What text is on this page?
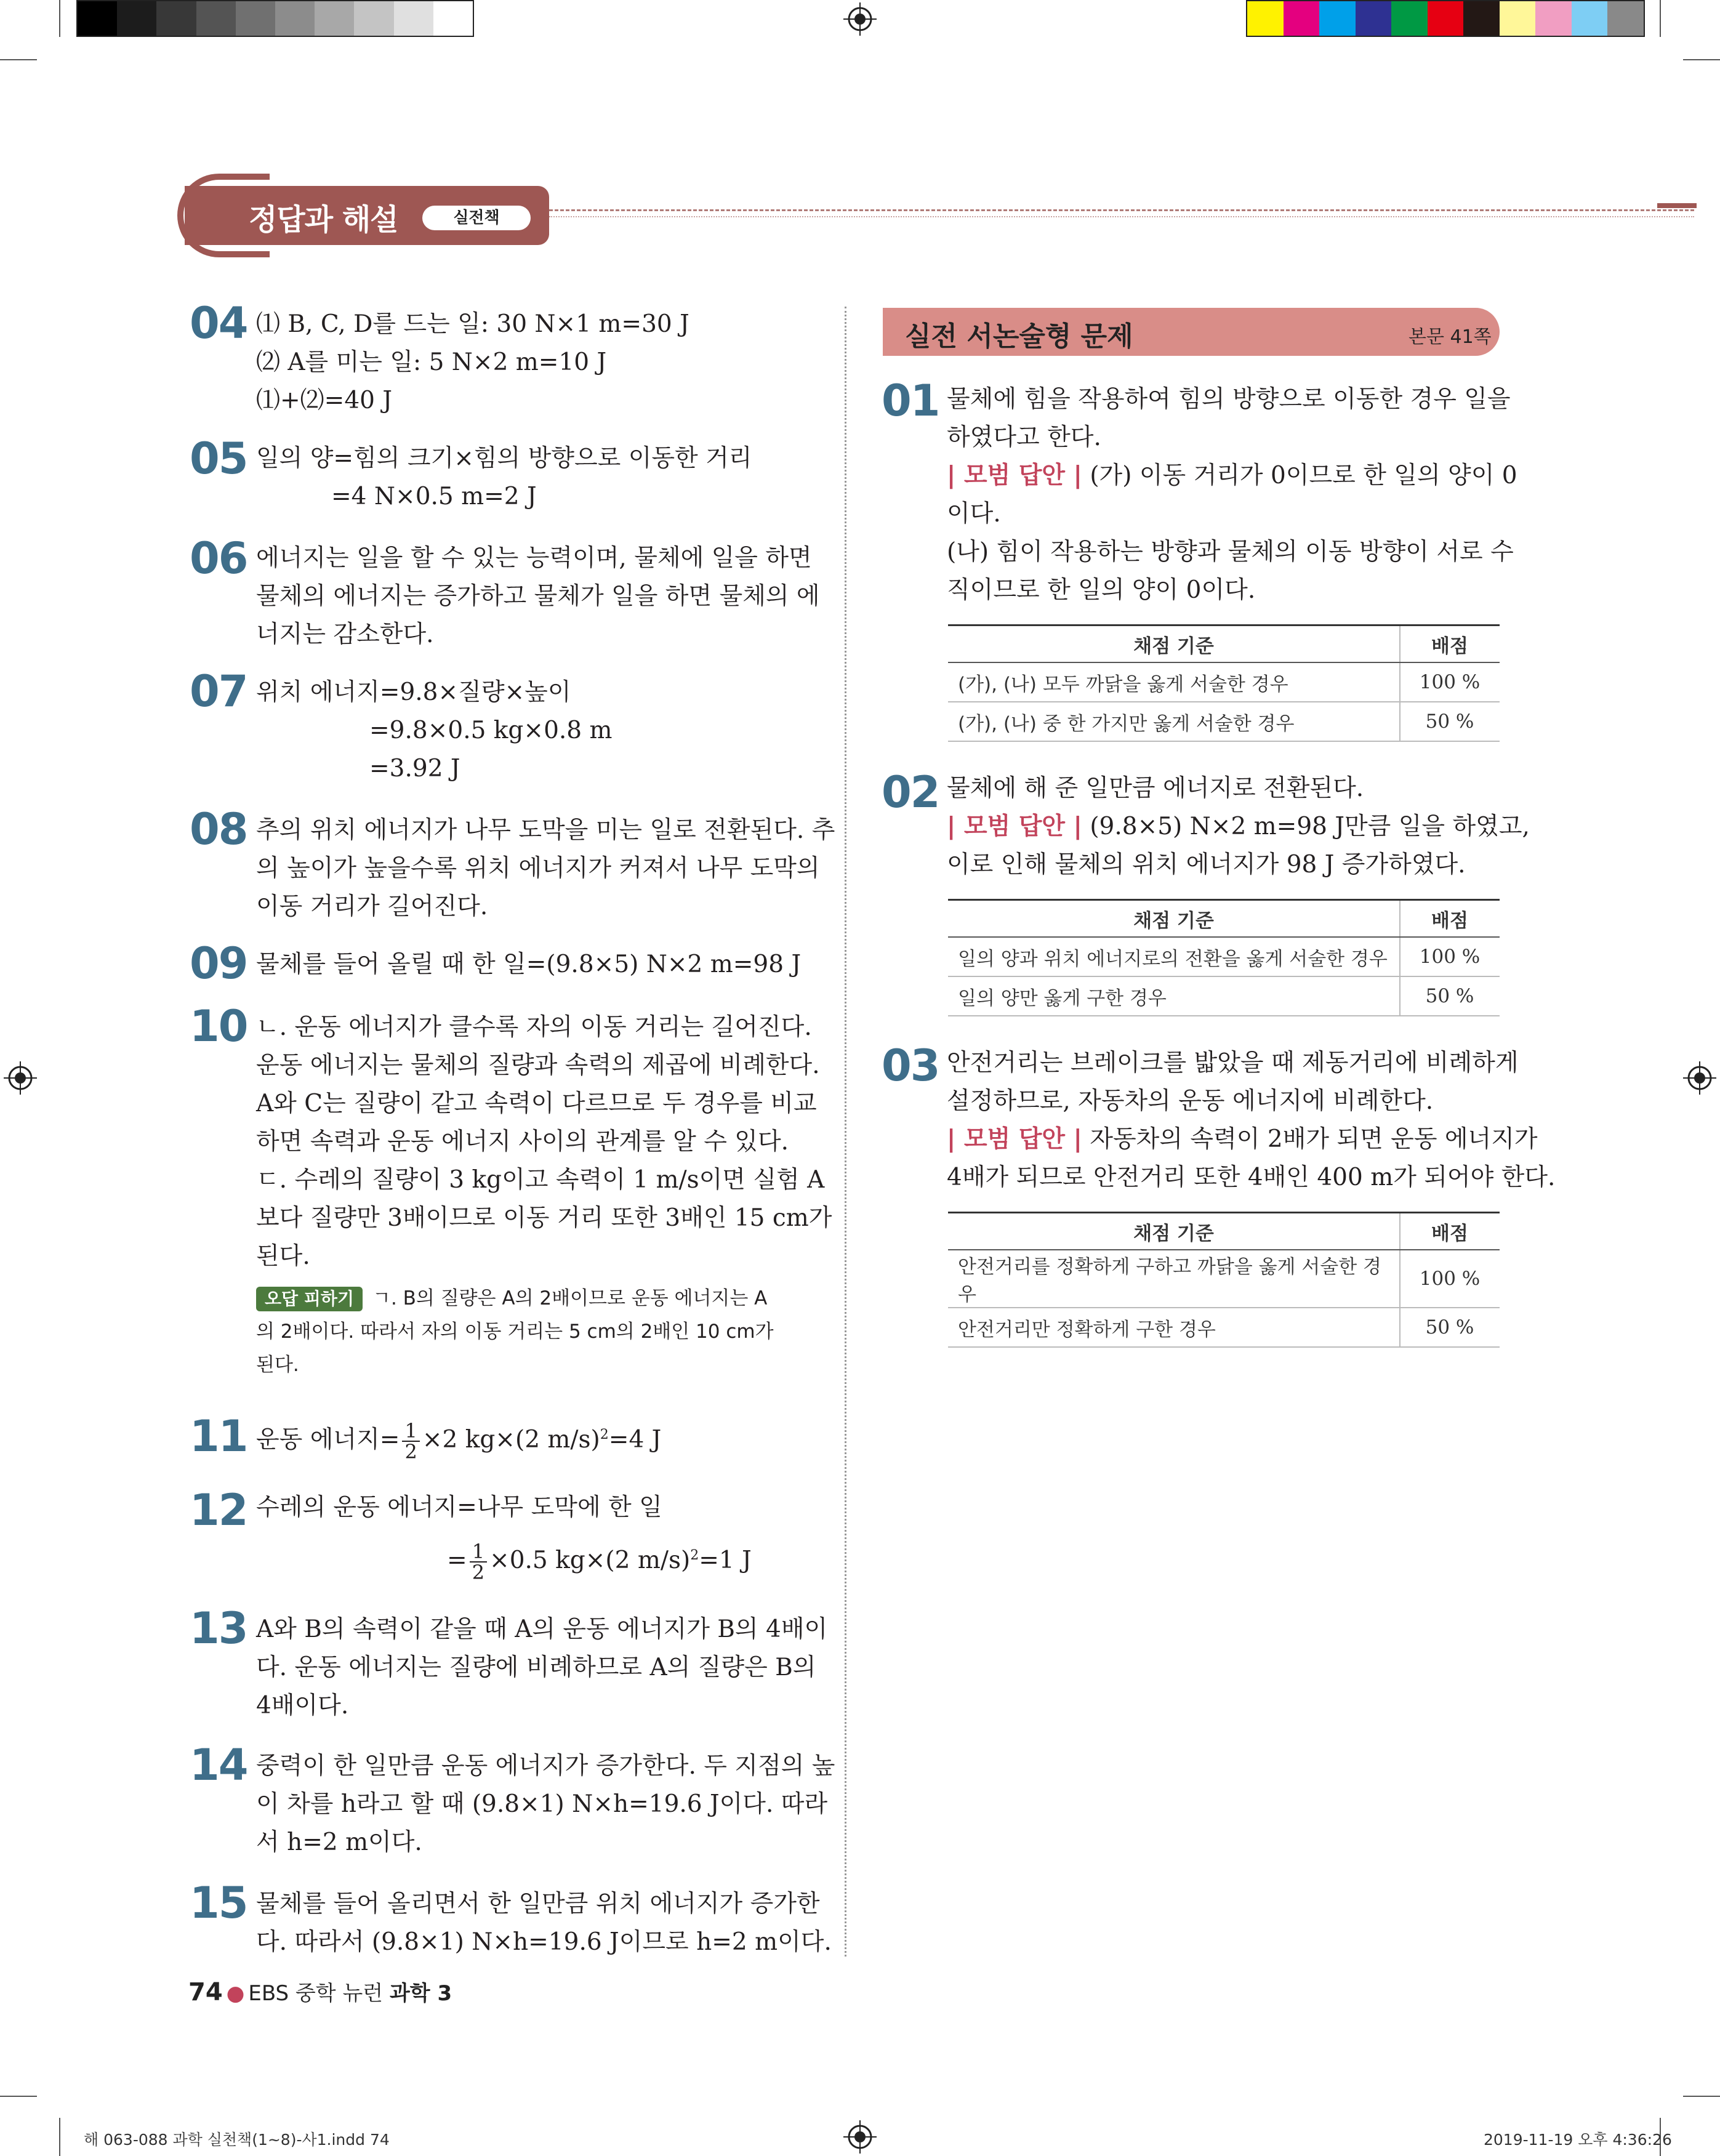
정답과 해설	실전책
04 ⑴ B, C, D를 드는 일: 30 N×1 m=30 J
⑵ A를 미는 일: 5 N×2 m=10 J
⑴+⑵=40 J
05 일의 양=힘의 크기×힘의 방향으로 이동한 거리
=4 N×0.5 m=2 J
06 에너지는 일을 할 수 있는 능력이며, 물체에 일을 하면
물체의 에너지는 증가하고 물체가 일을 하면 물체의 에
너지는 감소한다.
07 위치 에너지=9.8×질량×높이
=9.8×0.5 kg×0.8 m
=3.92 J
08 추의 위치 에너지가 나무 도막을 미는 일로 전환된다. 추
의 높이가 높을수록 위치 에너지가 커져서 나무 도막의
이동 거리가 길어진다.
09 물체를 들어 올릴 때 한 일=(9.8×5) N×2 m=98 J
10 ㄴ. 운동 에너지가 클수록 자의 이동 거리는 길어진다.
운동 에너지는 물체의 질량과 속력의 제곱에 비례한다.
A와 C는 질량이 같고 속력이 다르므로 두 경우를 비교
하면 속력과 운동 에너지 사이의 관계를 알 수 있다.
ㄷ. 수레의 질량이 3 kg이고 속력이 1 m/s이면 실험 A
보다 질량만 3배이므로 이동 거리 또한 3배인 15 cm가
된다.
오답 피하기 ㄱ. B의 질량은 A의 2배이므로 운동 에너지는 A
의 2배이다. 따라서 자의 이동 거리는 5 cm의 2배인 10 cm가
된다.
11 운동 에너지= $\frac{1}{2} \times 2$ kg×(2 m/s)$^2$=4 J
12 수레의 운동 에너지=나무 도막에 한 일
= $\frac{1}{2} \times 0.5$ kg×(2 m/s)$^2$=1 J
13 A와 B의 속력이 같을 때 A의 운동 에너지가 B의 4배이
다. 운동 에너지는 질량에 비례하므로 A의 질량은 B의
4배이다.
14 중력이 한 일만큼 운동 에너지가 증가한다. 두 지점의 높
이 차를 h라고 할 때 (9.8×1) N×h=19.6 J이다. 따라
서 h=2 m이다.
15 물체를 들어 올리면서 한 일만큼 위치 에너지가 증가한
다. 따라서 (9.8×1) N×h=19.6 J이므로 h=2 m이다.
실전 서논술형 문제	본문 41쪽
01 물체에 힘을 작용하여 힘의 방향으로 이동한 경우 일을
하였다고 한다.
| 모범 답안 | (가) 이동 거리가 0이므로 한 일의 양이 0
이다.
(나) 힘이 작용하는 방향과 물체의 이동 방향이 서로 수
직이므로 한 일의 양이 0이다.
채점 기준	배점
(가), (나) 모두 까닭을 옳게 서술한 경우	100 %
(가), (나) 중 한 가지만 옳게 서술한 경우	50 %
02 물체에 해 준 일만큼 에너지로 전환된다.
| 모범 답안 | (9.8×5) N×2 m=98 J만큼 일을 하였고,
이로 인해 물체의 위치 에너지가 98 J 증가하였다.
채점 기준	배점
일의 양과 위치 에너지로의 전환을 옳게 서술한 경우	100 %
일의 양만 옳게 구한 경우	50 %
03 안전거리는 브레이크를 밟았을 때 제동거리에 비례하게
설정하므로, 자동차의 운동 에너지에 비례한다.
| 모범 답안 | 자동차의 속력이 2배가 되면 운동 에너지가
4배가 되므로 안전거리 또한 4배인 400 m가 되어야 한다.
채점 기준	배점
안전거리를 정확하게 구하고 까닭을 옳게 서술한 경우	100 %
안전거리만 정확하게 구한 경우	50 %
74 ● EBS 중학 뉴런 과학 3
해 063-088 과학 실천책(1~8)-사1.indd 74	2019-11-19 오후 4:36:26
